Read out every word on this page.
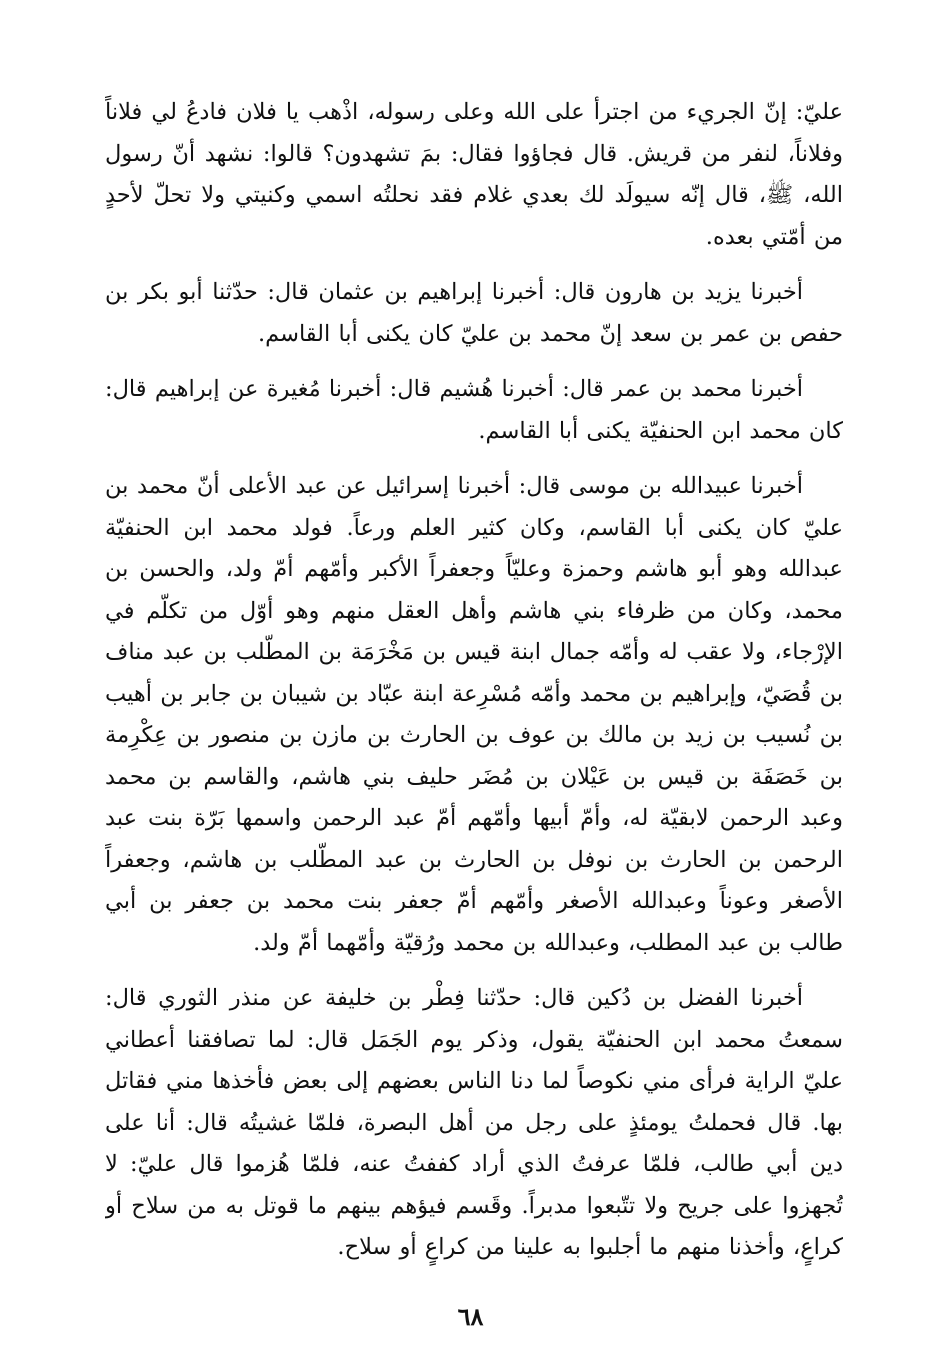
عليّ: إنّ الجريء من اجترأ على الله وعلى رسوله، اذْهب يا فلان فادعُ لي فلاناً وفلاناً، لنفر من قريش. قال فجاؤوا فقال: بمَ تشهدون؟ قالوا: نشهد أنّ رسول الله، ﷺ، قال إنّه سيولَد لك بعدي غلام فقد نحلتُه اسمي وكنيتي ولا تحلّ لأحدٍ من أمّتي بعده.

أخبرنا يزيد بن هارون قال: أخبرنا إبراهيم بن عثمان قال: حدّثنا أبو بكر بن حفص بن عمر بن سعد إنّ محمد بن عليّ كان يكنى أبا القاسم.

أخبرنا محمد بن عمر قال: أخبرنا هُشيم قال: أخبرنا مُغيرة عن إبراهيم قال: كان محمد ابن الحنفيّة يكنى أبا القاسم.

أخبرنا عبيدالله بن موسى قال: أخبرنا إسرائيل عن عبد الأعلى أنّ محمد بن عليّ كان يكنى أبا القاسم، وكان كثير العلم ورعاً. فولد محمد ابن الحنفيّة عبدالله وهو أبو هاشم وحمزة وعليّاً وجعفراً الأكبر وأمّهم أمّ ولد، والحسن بن محمد، وكان من ظرفاء بني هاشم وأهل العقل منهم وهو أوّل من تكلّم في الإرْجاء، ولا عقب له وأمّه جمال ابنة قيس بن مَخْرَمَة بن المطّلب بن عبد مناف بن قُصَيّ، وإبراهيم بن محمد وأمّه مُسْرِعة ابنة عبّاد بن شيبان بن جابر بن أهيب بن نُسيب بن زيد بن مالك بن عوف بن الحارث بن مازن بن منصور بن عِكْرِمة بن خَصَفَة بن قيس بن عَيْلان بن مُضَر حليف بني هاشم، والقاسم بن محمد وعبد الرحمن لابقيّة له، وأمّ أبيها وأمّهم أمّ عبد الرحمن واسمها بَرّة بنت عبد الرحمن بن الحارث بن نوفل بن الحارث بن عبد المطّلب بن هاشم، وجعفراً الأصغر وعوناً وعبدالله الأصغر وأمّهم أمّ جعفر بنت محمد بن جعفر بن أبي طالب بن عبد المطلب، وعبدالله بن محمد ورُقيّة وأمّهما أمّ ولد.

أخبرنا الفضل بن دُكين قال: حدّثنا فِطْر بن خليفة عن منذر الثوري قال: سمعتُ محمد ابن الحنفيّة يقول، وذكر يوم الجَمَل قال: لما تصافقنا أعطاني عليّ الراية فرأى مني نكوصاً لما دنا الناس بعضهم إلى بعض فأخذها مني فقاتل بها. قال فحملتُ يومئذٍ على رجل من أهل البصرة، فلمّا غشيتُه قال: أنا على دين أبي طالب، فلمّا عرفتُ الذي أراد كففتُ عنه، فلمّا هُزموا قال عليّ: لا تُجهزوا على جريح ولا تتّبعوا مدبراً. وقَسم فيؤهم بينهم ما قوتل به من سلاح أو كراعٍ، وأخذنا منهم ما أجلبوا به علينا من كراعٍ أو سلاح.

٦٨
